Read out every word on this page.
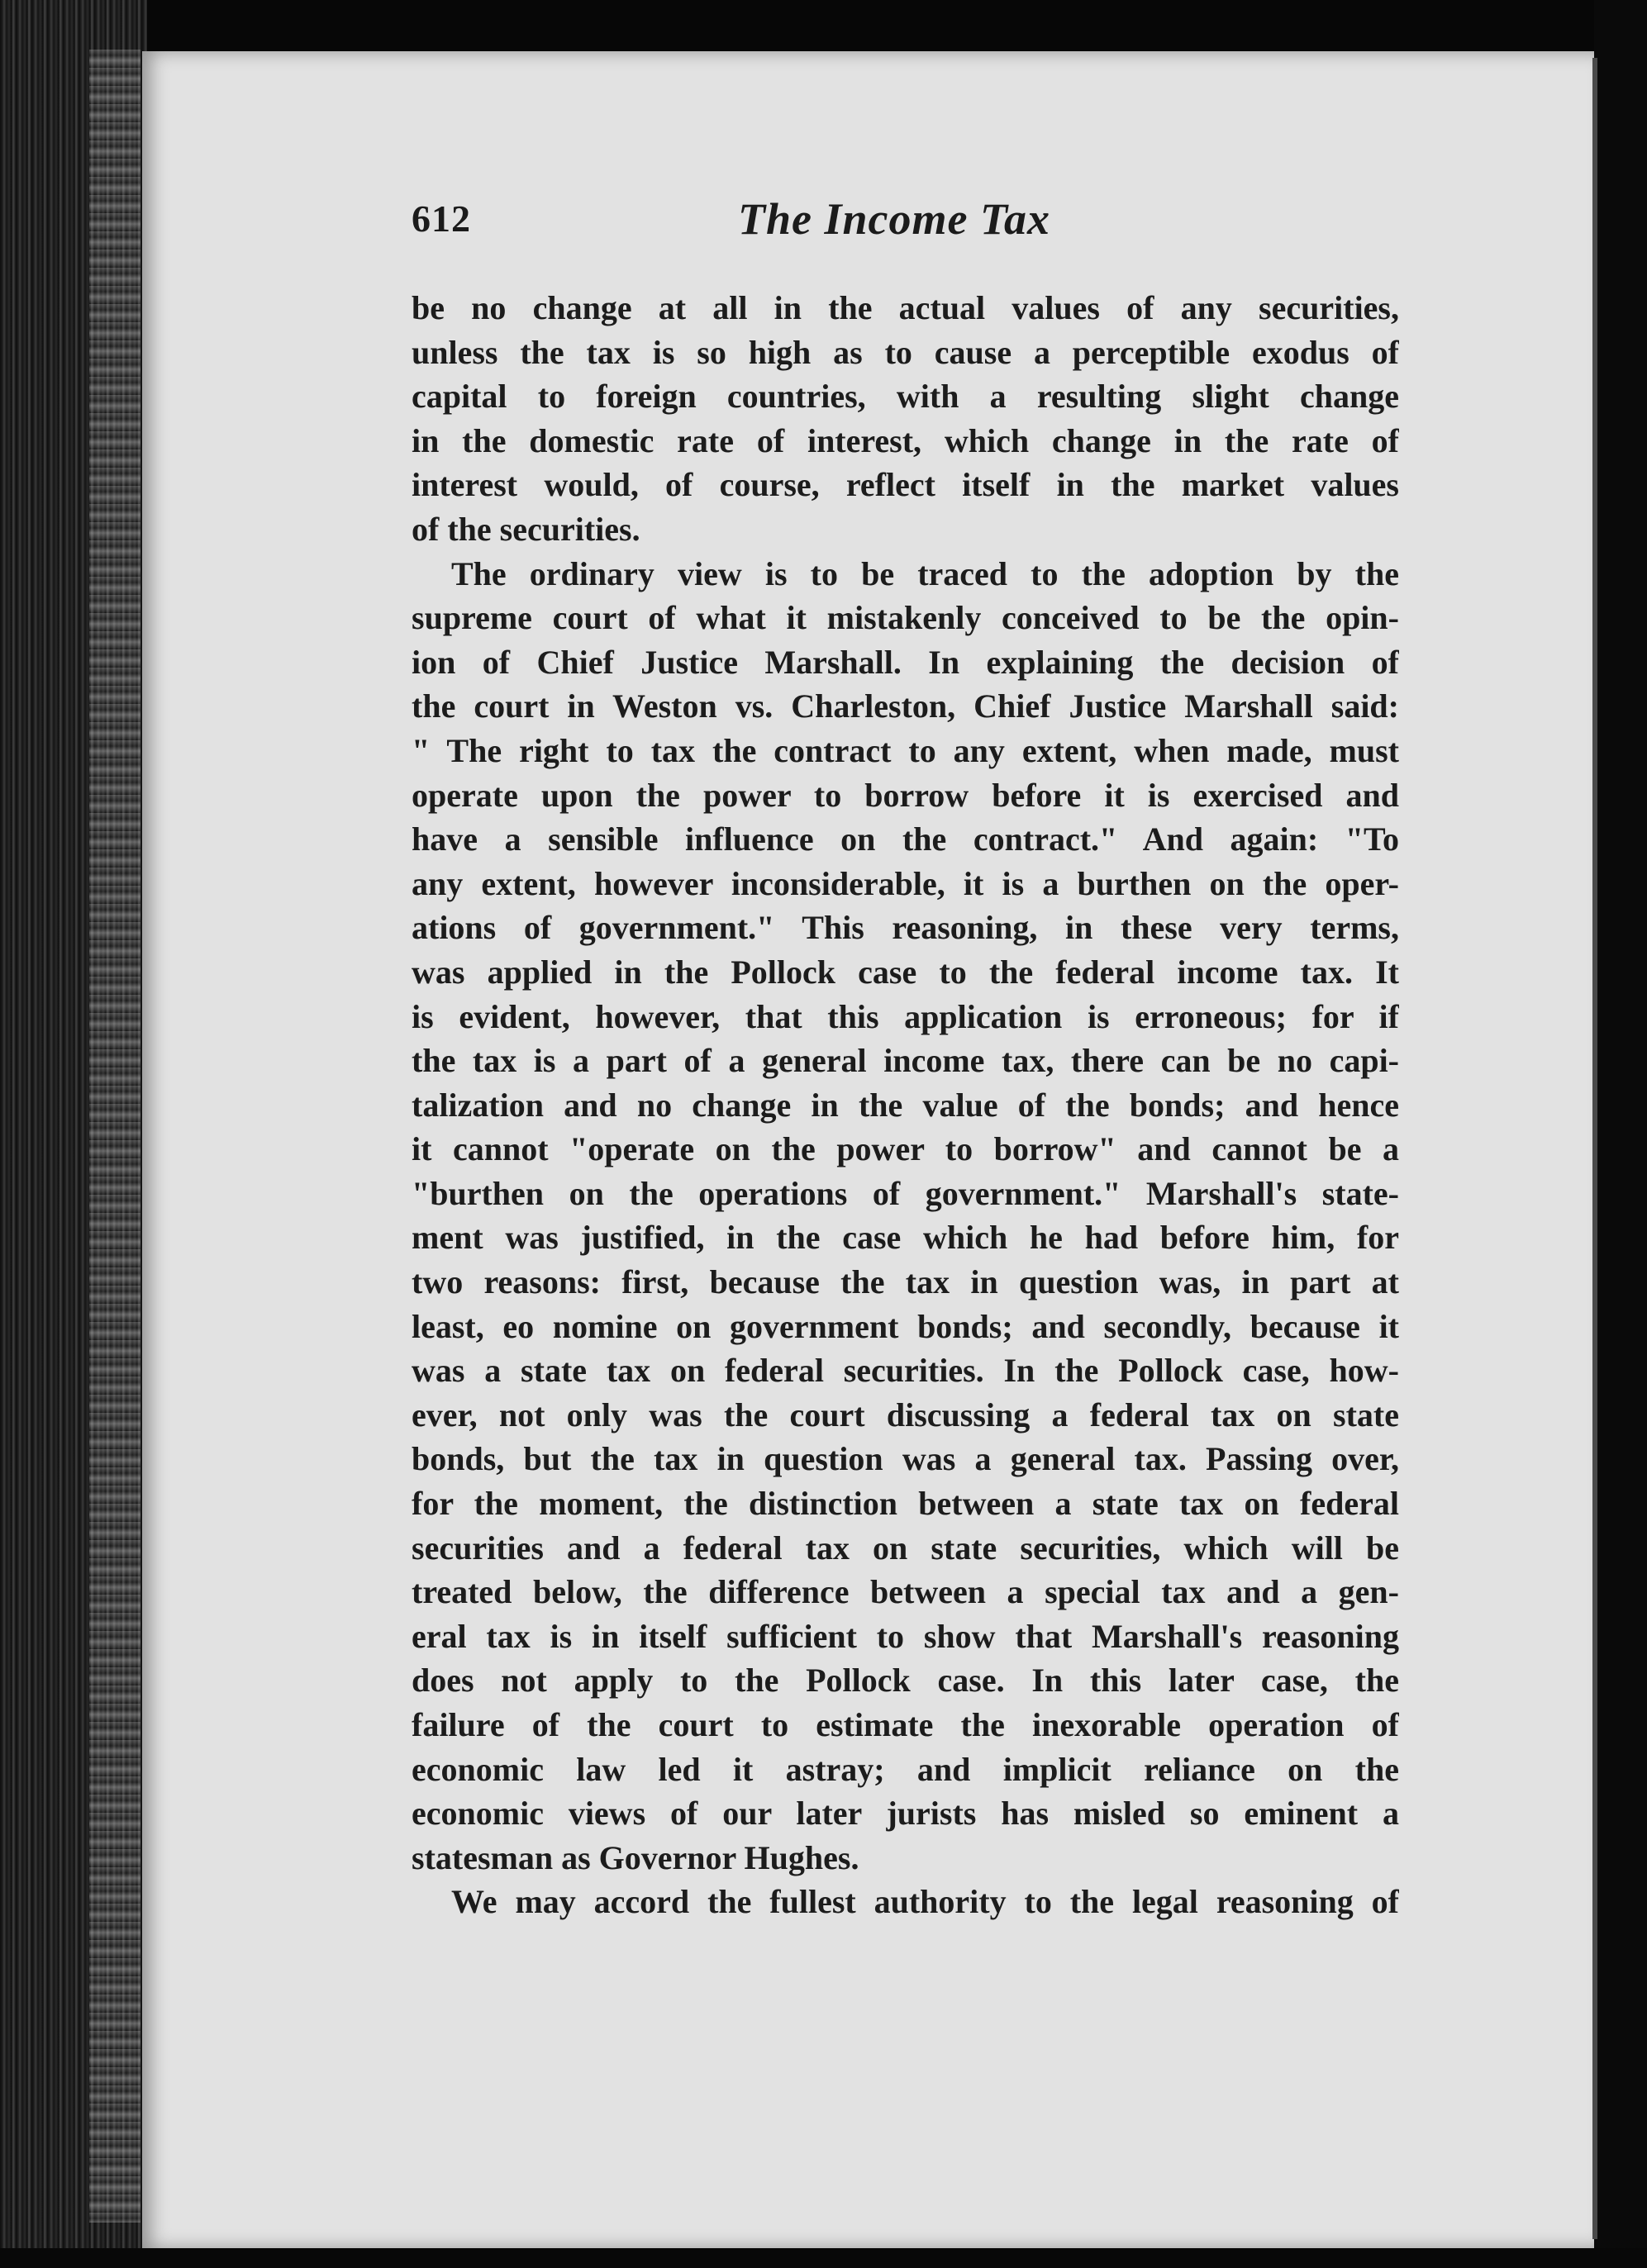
612	The Income Tax
be no change at all in the actual values of any securities,
unless the tax is so high as to cause a perceptible exodus of
capital to foreign countries, with a resulting slight change
in the domestic rate of interest, which change in the rate of
interest would, of course, reflect itself in the market values
of the securities.
The ordinary view is to be traced to the adoption by the
supreme court of what it mistakenly conceived to be the opin-
ion of Chief Justice Marshall. In explaining the decision of
the court in Weston vs. Charleston, Chief Justice Marshall said:
" The right to tax the contract to any extent, when made, must
operate upon the power to borrow before it is exercised and
have a sensible influence on the contract." And again: "To
any extent, however inconsiderable, it is a burthen on the oper-
ations of government." This reasoning, in these very terms,
was applied in the Pollock case to the federal income tax. It
is evident, however, that this application is erroneous; for if
the tax is a part of a general income tax, there can be no capi-
talization and no change in the value of the bonds; and hence
it cannot "operate on the power to borrow" and cannot be a
"burthen on the operations of government." Marshall's state-
ment was justified, in the case which he had before him, for
two reasons: first, because the tax in question was, in part at
least, eo nomine on government bonds; and secondly, because it
was a state tax on federal securities. In the Pollock case, how-
ever, not only was the court discussing a federal tax on state
bonds, but the tax in question was a general tax. Passing over,
for the moment, the distinction between a state tax on federal
securities and a federal tax on state securities, which will be
treated below, the difference between a special tax and a gen-
eral tax is in itself sufficient to show that Marshall's reasoning
does not apply to the Pollock case. In this later case, the
failure of the court to estimate the inexorable operation of
economic law led it astray; and implicit reliance on the
economic views of our later jurists has misled so eminent a
statesman as Governor Hughes.
We may accord the fullest authority to the legal reasoning of
